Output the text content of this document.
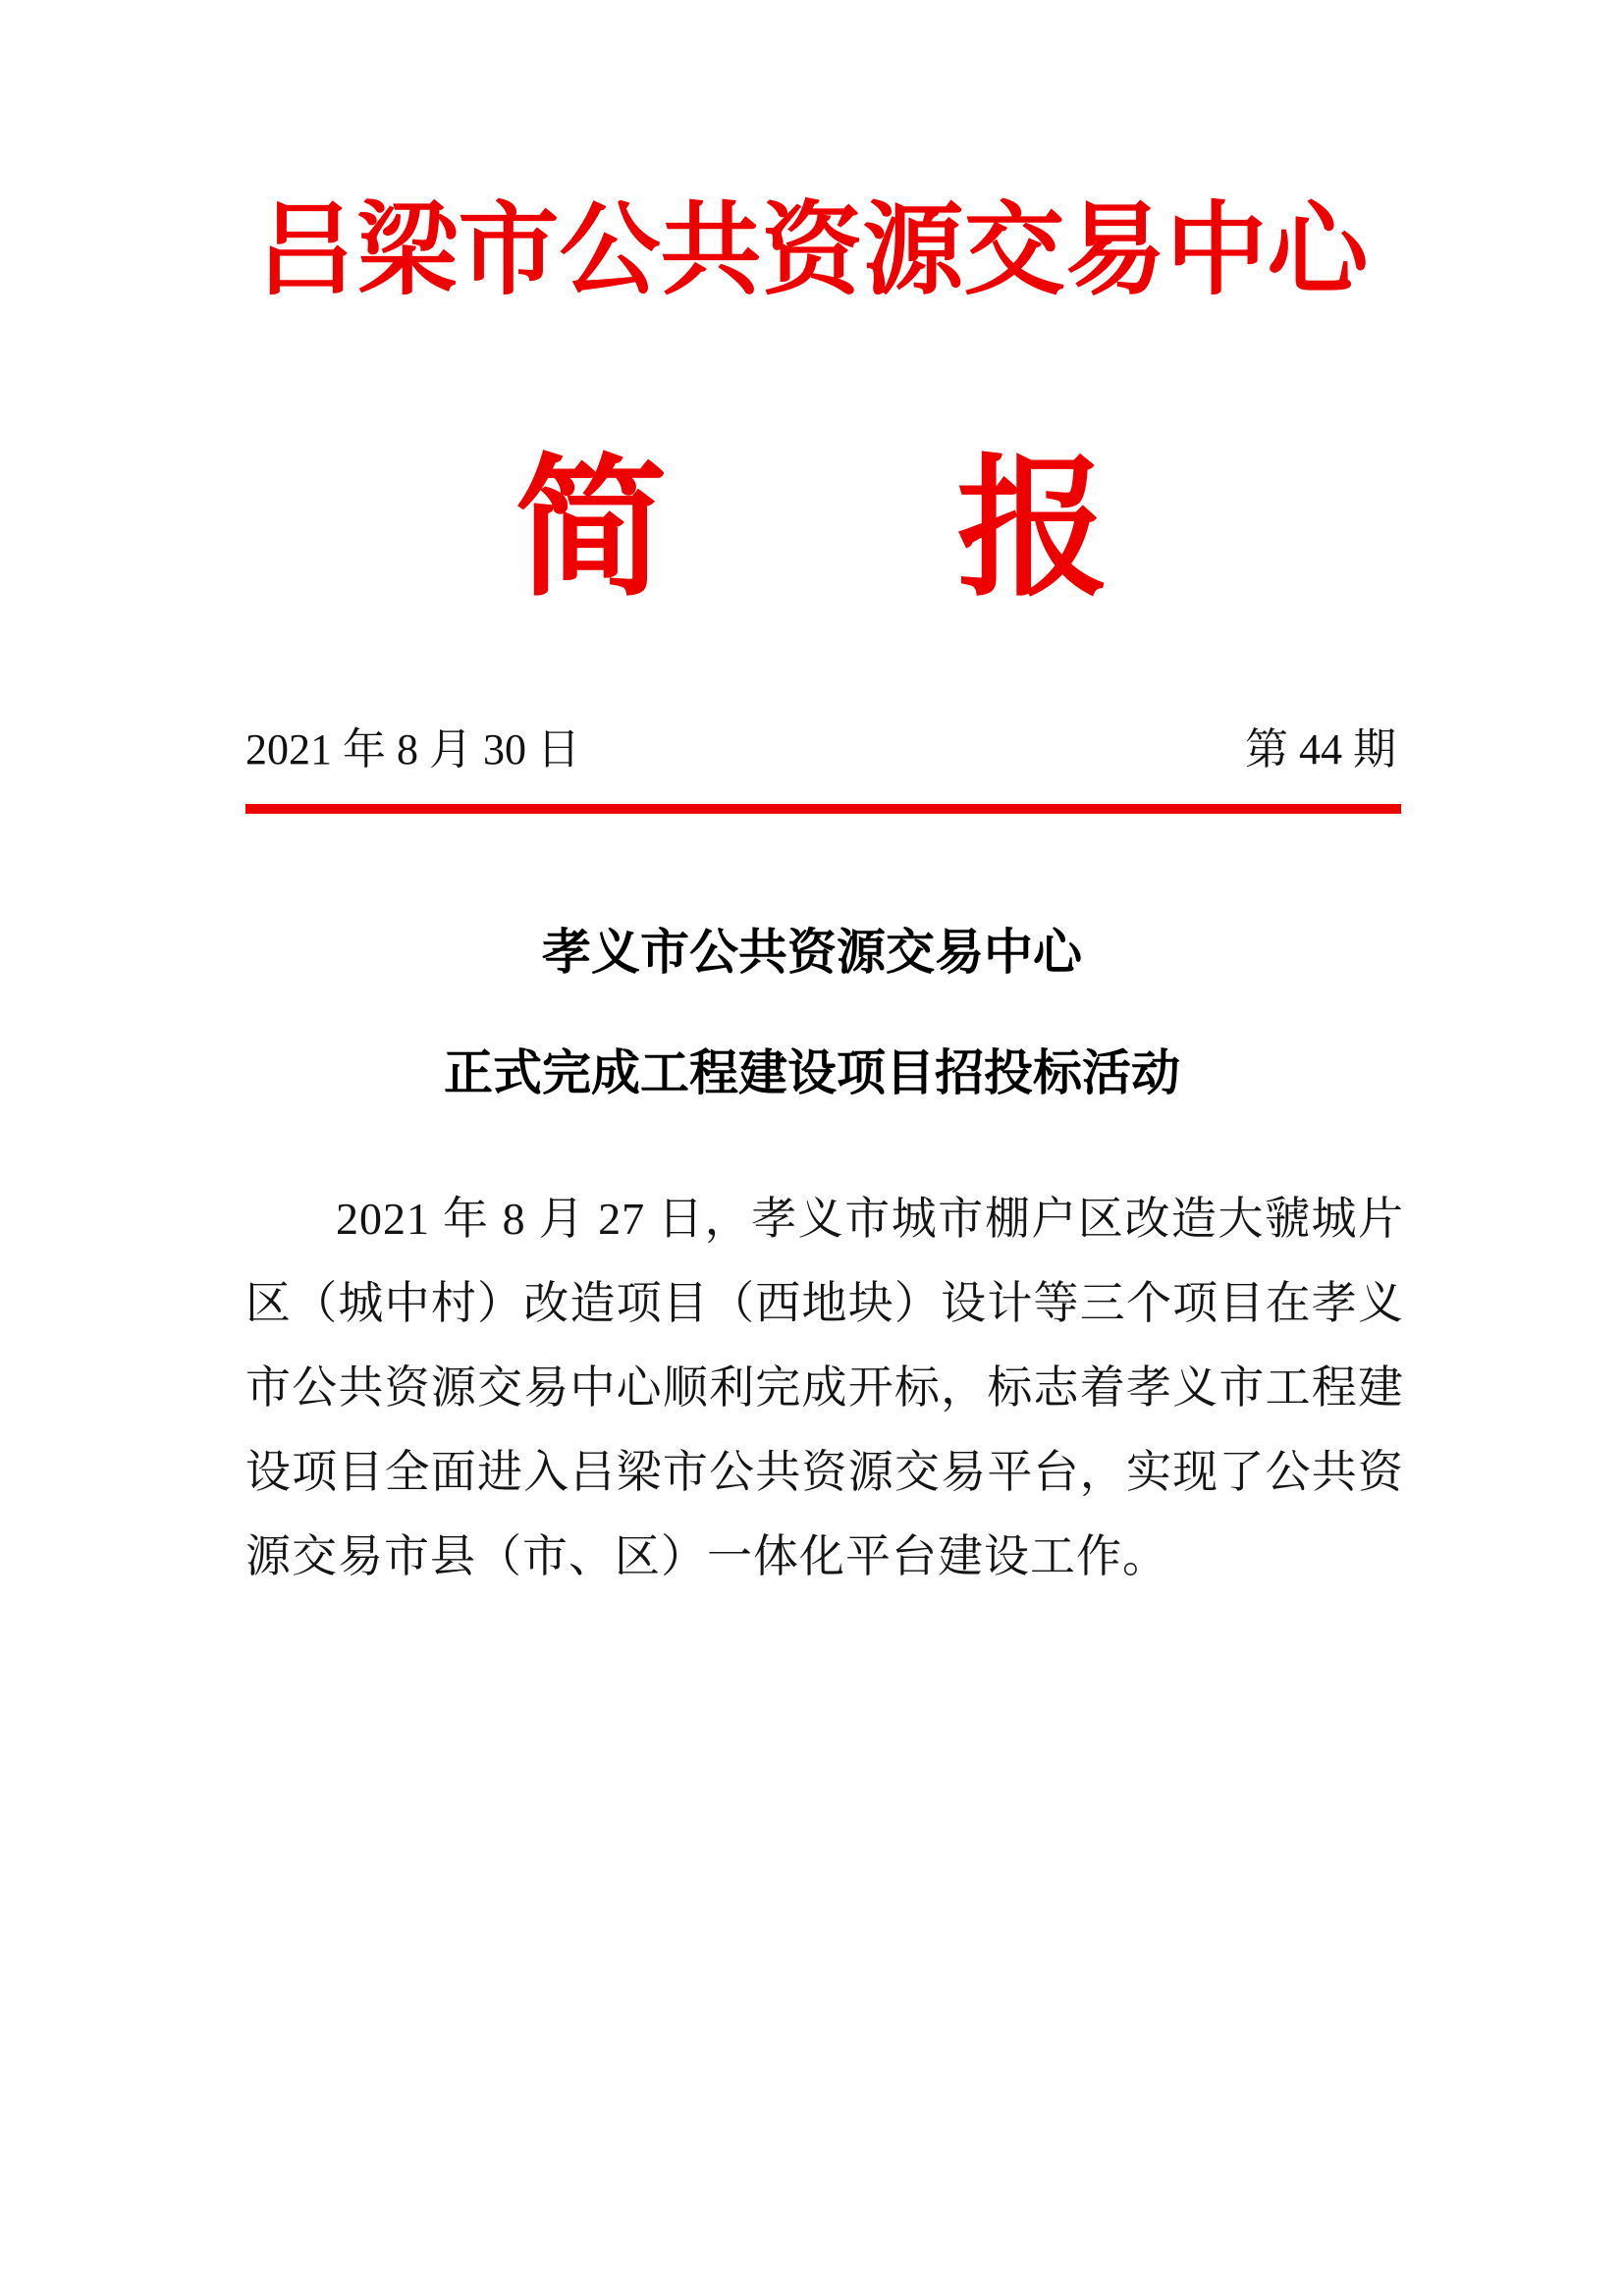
吕梁市公共资源交易中心
简 报
2021 年 8 月 30 日	第 44 期
孝义市公共资源交易中心
正式完成工程建设项目招投标活动
2021 年 8 月 27 日，孝义市城市棚户区改造大虢城片区（城中村）改造项目（西地块）设计等三个项目在孝义市公共资源交易中心顺利完成开标，标志着孝义市工程建设项目全面进入吕梁市公共资源交易平台，实现了公共资源交易市县（市、区）一体化平台建设工作。
